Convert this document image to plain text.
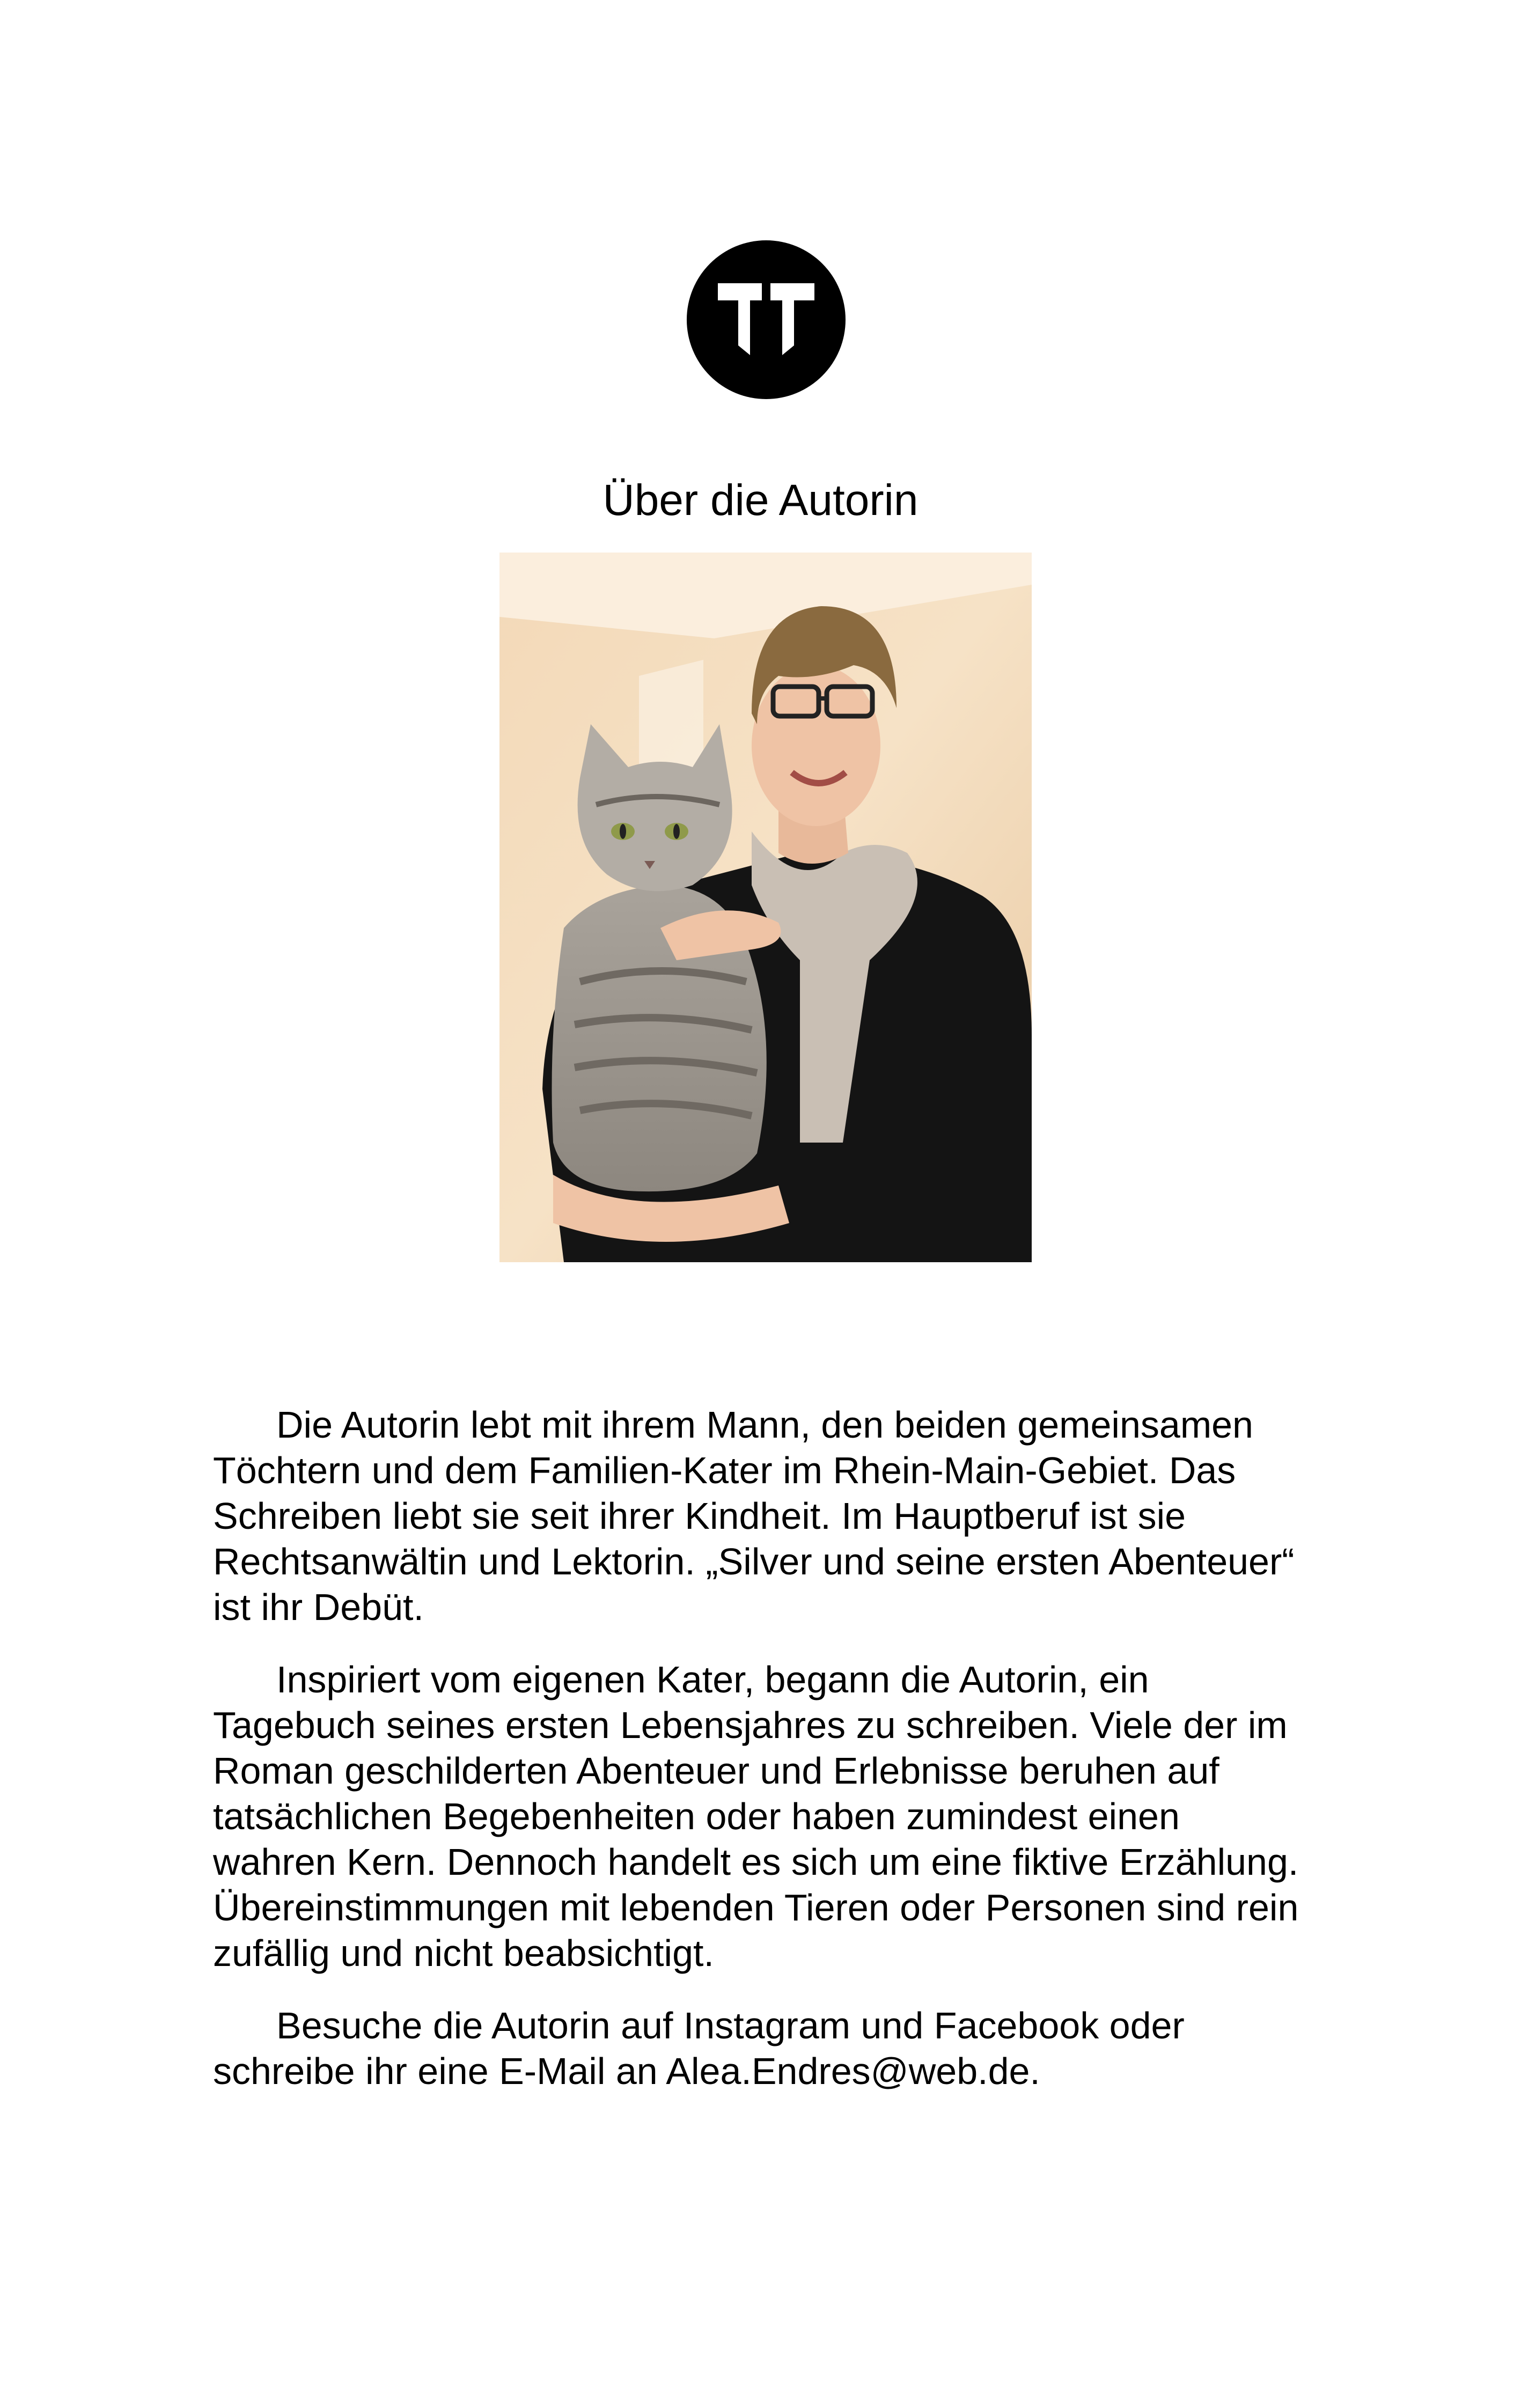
Über die Autorin

Die Autorin lebt mit ihrem Mann, den beiden gemeinsamen Töchtern und dem Familien-Kater im Rhein-Main-Gebiet. Das Schreiben liebt sie seit ihrer Kindheit. Im Hauptberuf ist sie Rechtsanwältin und Lektorin. „Silver und seine ersten Abenteuer“ ist ihr Debüt.

Inspiriert vom eigenen Kater, begann die Autorin, ein Tagebuch seines ersten Lebensjahres zu schreiben. Viele der im Roman geschilderten Abenteuer und Erlebnisse beruhen auf tatsächlichen Begebenheiten oder haben zumindest einen wahren Kern. Dennoch handelt es sich um eine fiktive Erzählung. Übereinstimmungen mit lebenden Tieren oder Personen sind rein zufällig und nicht beabsichtigt.

Besuche die Autorin auf Instagram und Facebook oder schreibe ihr eine E-Mail an Alea.Endres@web.de.
